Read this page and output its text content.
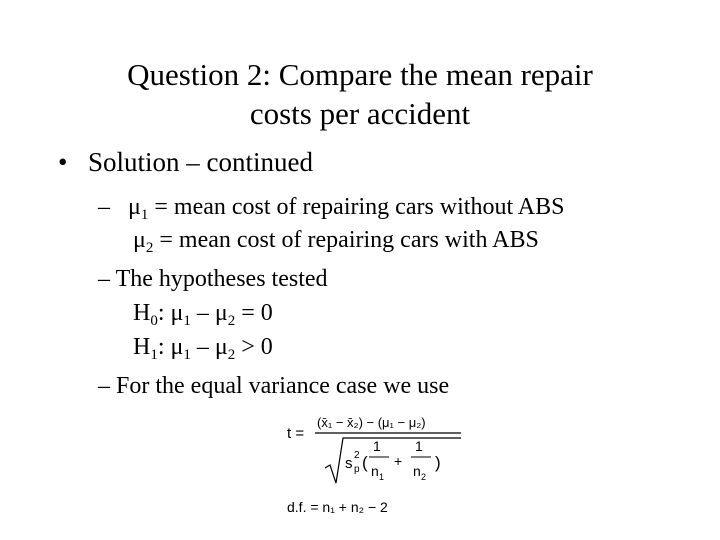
Question 2: Compare the mean repair
costs per accident
• Solution – continued
– $\mu_1$ = mean cost of repairing cars without ABS
$\mu_2$ = mean cost of repairing cars with ABS
– The hypotheses tested
$H_0$: $\mu_1 - \mu_2 = 0$
$H_1$: $\mu_1 - \mu_2 > 0$
– For the equal variance case we use
t =
(x̄₁ − x̄₂) − (μ₁ − μ₂)
s 2
p (
1
n 1
+
1
n 2
)
d.f. = n₁ + n₂ − 2
